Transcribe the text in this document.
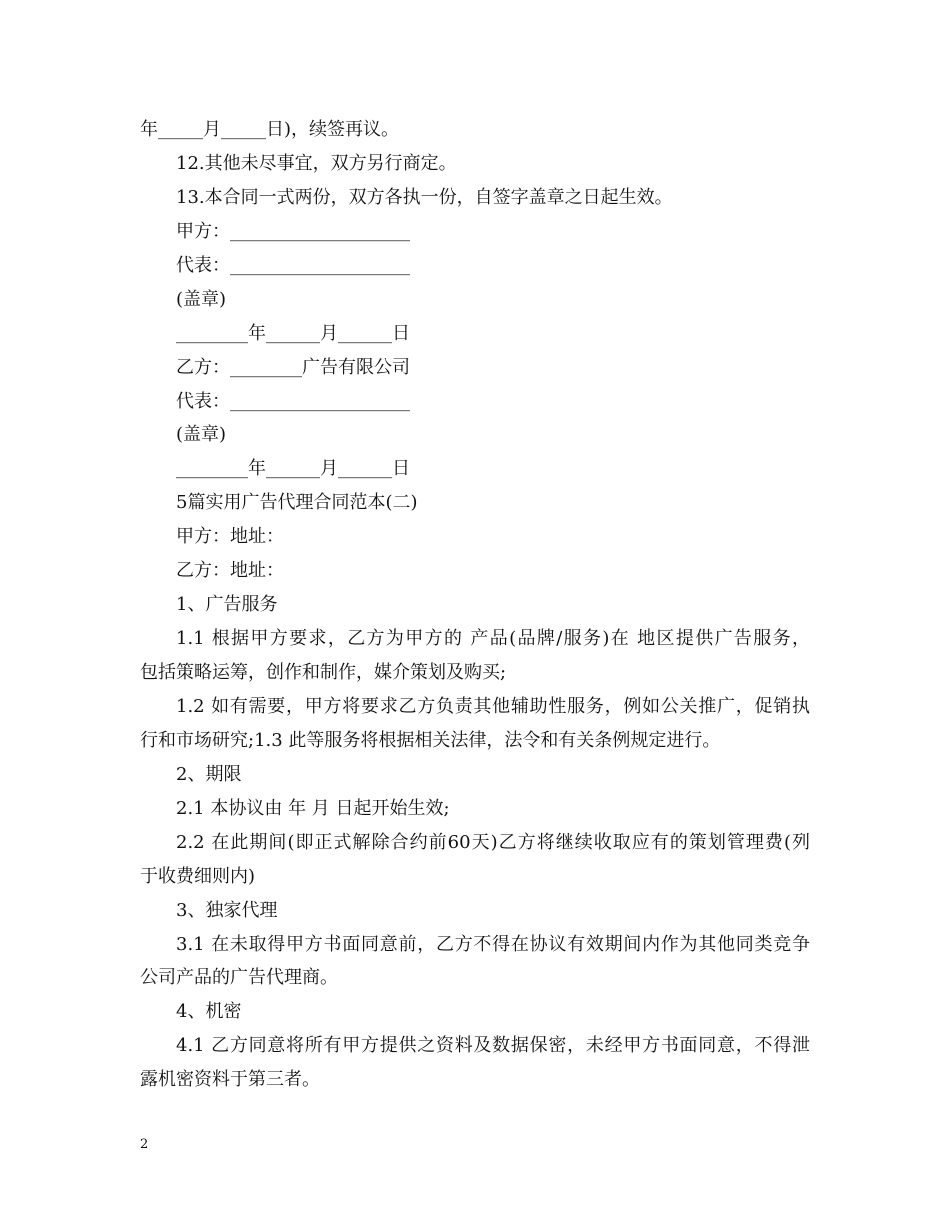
年_____月_____日)，续签再议。
12.其他未尽事宜，双方另行商定。
13.本合同一式两份，双方各执一份，自签字盖章之日起生效。
甲方：____________________
代表：____________________
(盖章)
________年______月______日
乙方：________广告有限公司
代表：____________________
(盖章)
________年______月______日
5篇实用广告代理合同范本(二)
甲方：地址：
乙方：地址：
1、广告服务
1.1 根据甲方要求，乙方为甲方的 产品(品牌/服务)在 地区提供广告服务，
包括策略运筹，创作和制作，媒介策划及购买;
1.2 如有需要，甲方将要求乙方负责其他辅助性服务，例如公关推广，促销执
行和市场研究;1.3 此等服务将根据相关法律，法令和有关条例规定进行。
2、期限
2.1 本协议由 年 月 日起开始生效;
2.2 在此期间(即正式解除合约前60天)乙方将继续收取应有的策划管理费(列
于收费细则内)
3、独家代理
3.1 在未取得甲方书面同意前，乙方不得在协议有效期间内作为其他同类竞争
公司产品的广告代理商。
4、机密
4.1 乙方同意将所有甲方提供之资料及数据保密，未经甲方书面同意，不得泄
露机密资料于第三者。
2
